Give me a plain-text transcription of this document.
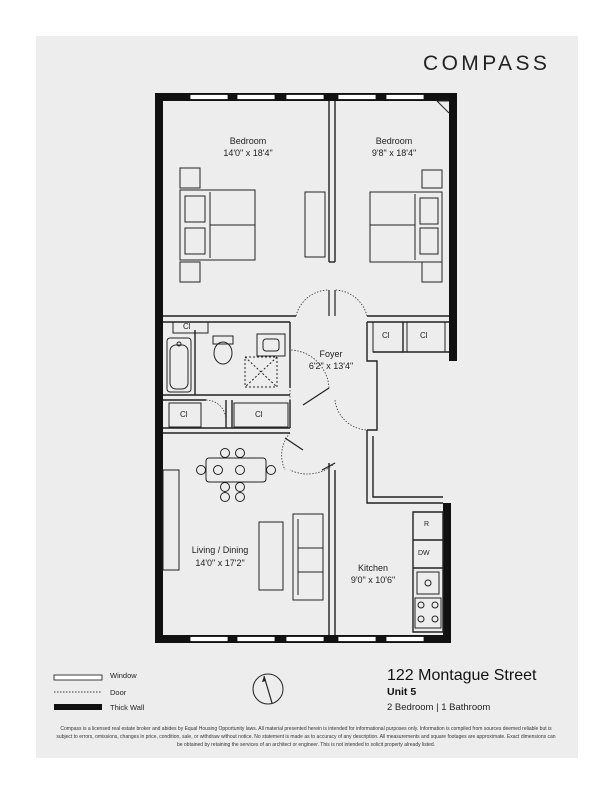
COMPASS
Bedroom
14'0" x 18'4"
Bedroom
9'8" x 18'4"
Foyer
6'2" x 13'4"
Living / Dining
14'0" x 17'2"	Kitchen
9'0" x 10'6"
Cl
Cl	Cl
Cl	Cl
R
DW
Window
Door
Thick Wall
122 Montague Street
Unit 5
2 Bedroom | 1 Bathroom
Compass is a licensed real estate broker and abides by Equal Housing Opportunity laws. All material presented herein is intended for informational purposes only. Information is compiled from sources deemed reliable but is subject to errors, omissions, changes in price, condition, sale, or withdraw without notice. No statement is made as to accuracy of any description. All measurements and square footages are approximate. Exact dimensions can be obtained by retaining the services of an architect or engineer. This is not intended to solicit property already listed.
